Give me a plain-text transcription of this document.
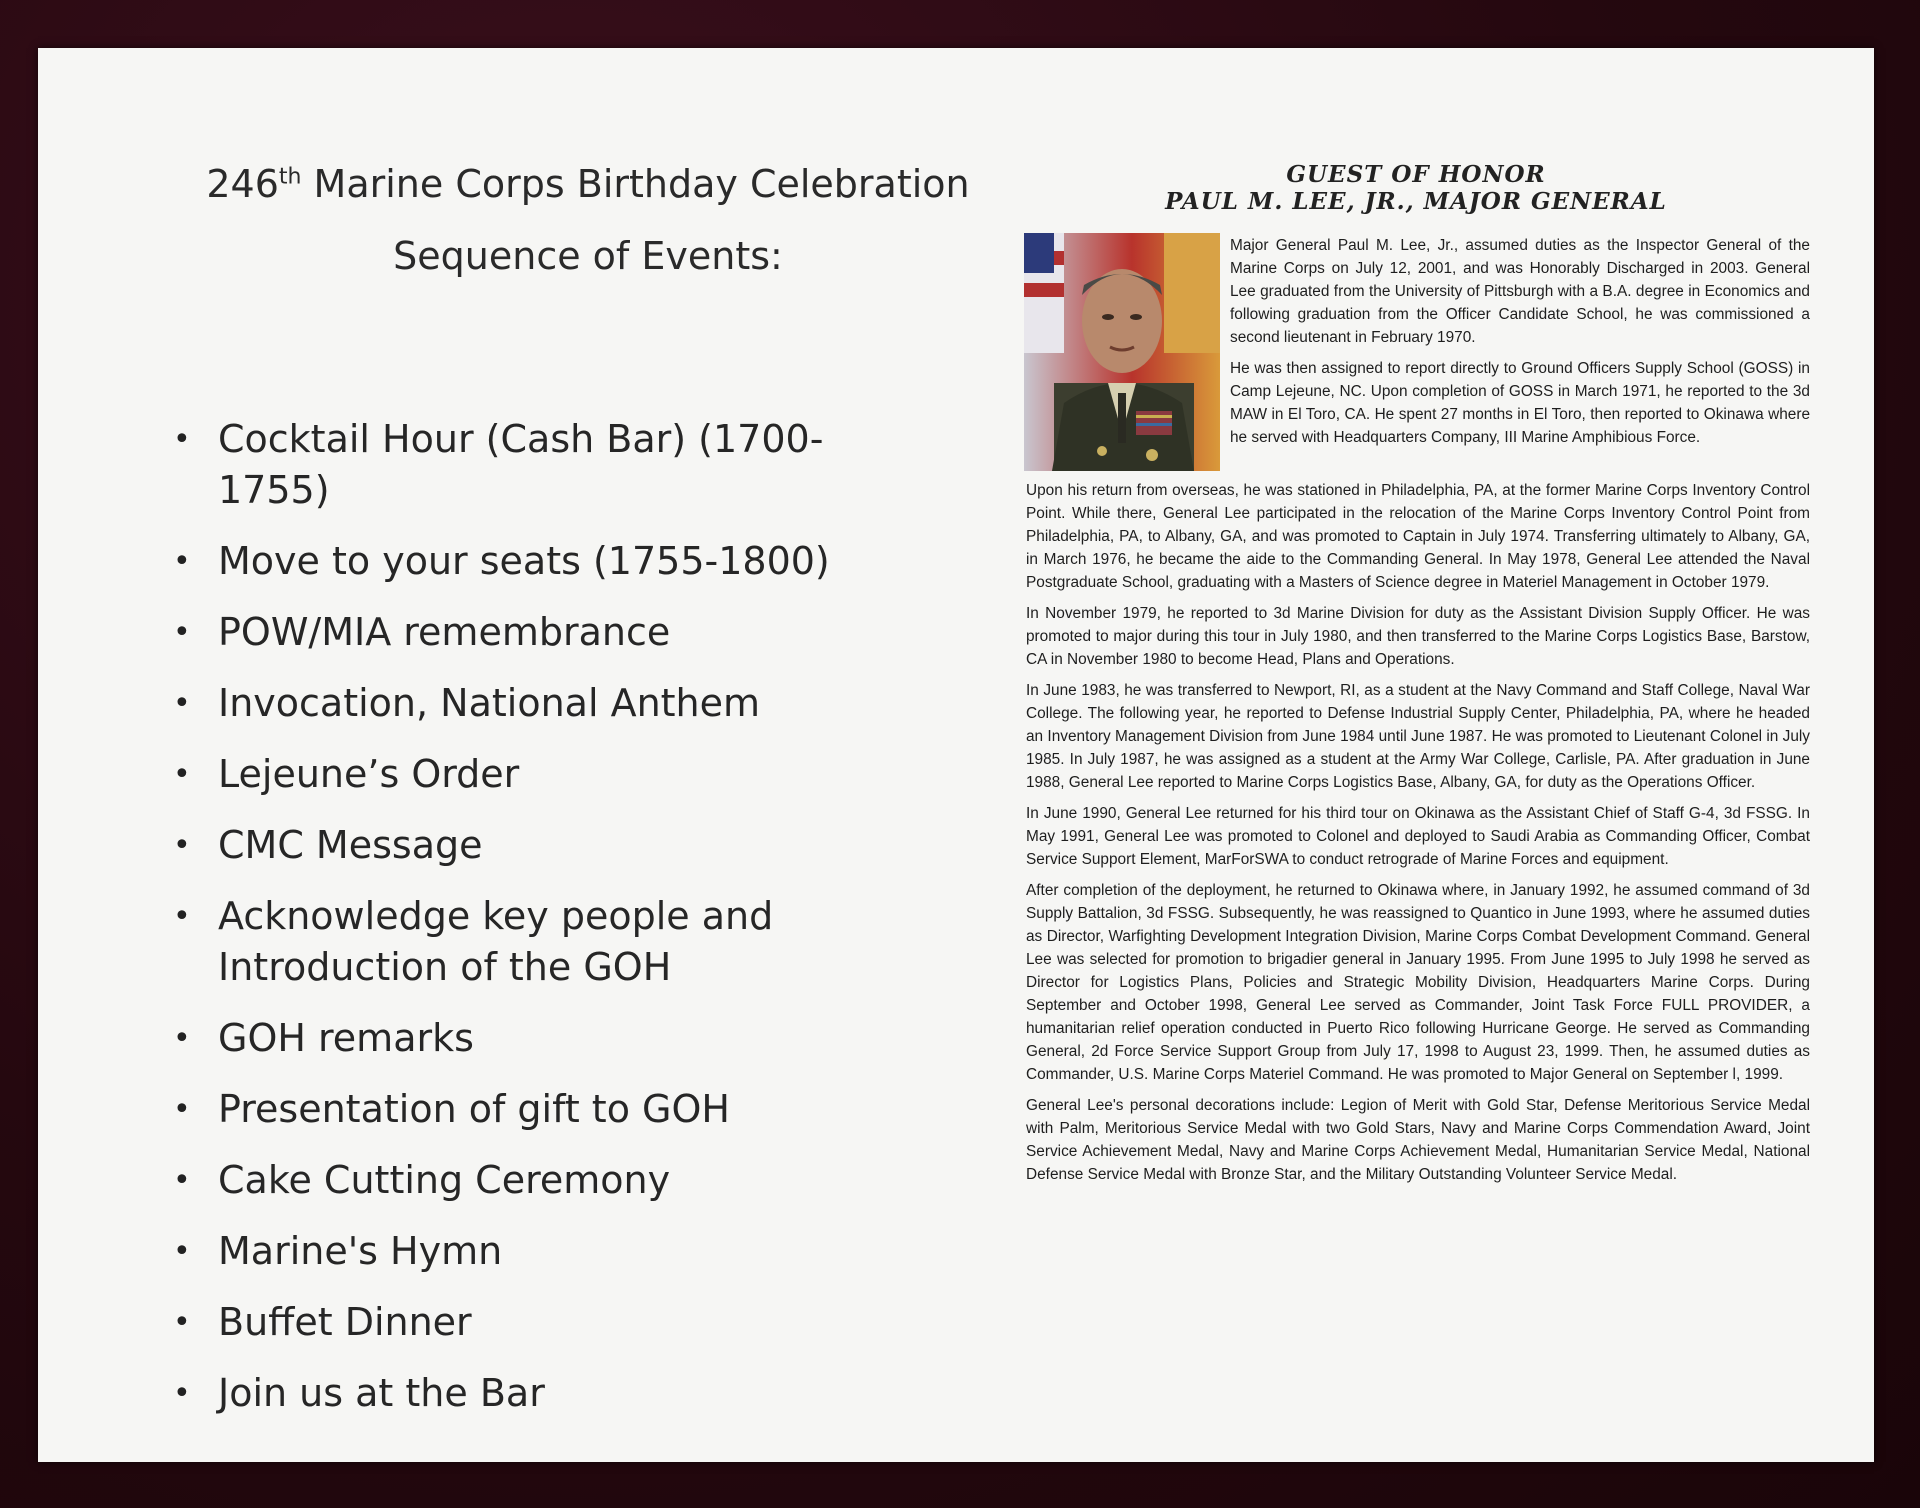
246th Marine Corps Birthday Celebration
Sequence of Events:
• Cocktail Hour (Cash Bar) (1700-1755)
• Move to your seats (1755-1800)
• POW/MIA remembrance
• Invocation, National Anthem
• Lejeune’s Order
• CMC Message
• Acknowledge key people and Introduction of the GOH
• GOH remarks
• Presentation of gift to GOH
• Cake Cutting Ceremony
• Marine's Hymn
• Buffet Dinner
• Join us at the Bar
GUEST OF HONOR
PAUL M. LEE, JR., MAJOR GENERAL

Major General Paul M. Lee, Jr., assumed duties as the Inspector General of the Marine Corps on July 12, 2001, and was Honorably Discharged in 2003. General Lee graduated from the University of Pittsburgh with a B.A. degree in Economics and following graduation from the Officer Candidate School, he was commissioned a second lieutenant in February 1970.

He was then assigned to report directly to Ground Officers Supply School (GOSS) in Camp Lejeune, NC. Upon completion of GOSS in March 1971, he reported to the 3d MAW in El Toro, CA. He spent 27 months in El Toro, then reported to Okinawa where he served with Headquarters Company, III Marine Amphibious Force.

Upon his return from overseas, he was stationed in Philadelphia, PA, at the former Marine Corps Inventory Control Point. While there, General Lee participated in the relocation of the Marine Corps Inventory Control Point from Philadelphia, PA, to Albany, GA, and was promoted to Captain in July 1974. Transferring ultimately to Albany, GA, in March 1976, he became the aide to the Commanding General. In May 1978, General Lee attended the Naval Postgraduate School, graduating with a Masters of Science degree in Materiel Management in October 1979.

In November 1979, he reported to 3d Marine Division for duty as the Assistant Division Supply Officer. He was promoted to major during this tour in July 1980, and then transferred to the Marine Corps Logistics Base, Barstow, CA in November 1980 to become Head, Plans and Operations.

In June 1983, he was transferred to Newport, RI, as a student at the Navy Command and Staff College, Naval War College. The following year, he reported to Defense Industrial Supply Center, Philadelphia, PA, where he headed an Inventory Management Division from June 1984 until June 1987. He was promoted to Lieutenant Colonel in July 1985. In July 1987, he was assigned as a student at the Army War College, Carlisle, PA. After graduation in June 1988, General Lee reported to Marine Corps Logistics Base, Albany, GA, for duty as the Operations Officer.

In June 1990, General Lee returned for his third tour on Okinawa as the Assistant Chief of Staff G-4, 3d FSSG. In May 1991, General Lee was promoted to Colonel and deployed to Saudi Arabia as Commanding Officer, Combat Service Support Element, MarForSWA to conduct retrograde of Marine Forces and equipment.

After completion of the deployment, he returned to Okinawa where, in January 1992, he assumed command of 3d Supply Battalion, 3d FSSG. Subsequently, he was reassigned to Quantico in June 1993, where he assumed duties as Director, Warfighting Development Integration Division, Marine Corps Combat Development Command. General Lee was selected for promotion to brigadier general in January 1995. From June 1995 to July 1998 he served as Director for Logistics Plans, Policies and Strategic Mobility Division, Headquarters Marine Corps. During September and October 1998, General Lee served as Commander, Joint Task Force FULL PROVIDER, a humanitarian relief operation conducted in Puerto Rico following Hurricane George. He served as Commanding General, 2d Force Service Support Group from July 17, 1998 to August 23, 1999. Then, he assumed duties as Commander, U.S. Marine Corps Materiel Command. He was promoted to Major General on September l, 1999.

General Lee's personal decorations include: Legion of Merit with Gold Star, Defense Meritorious Service Medal with Palm, Meritorious Service Medal with two Gold Stars, Navy and Marine Corps Commendation Award, Joint Service Achievement Medal, Navy and Marine Corps Achievement Medal, Humanitarian Service Medal, National Defense Service Medal with Bronze Star, and the Military Outstanding Volunteer Service Medal.
